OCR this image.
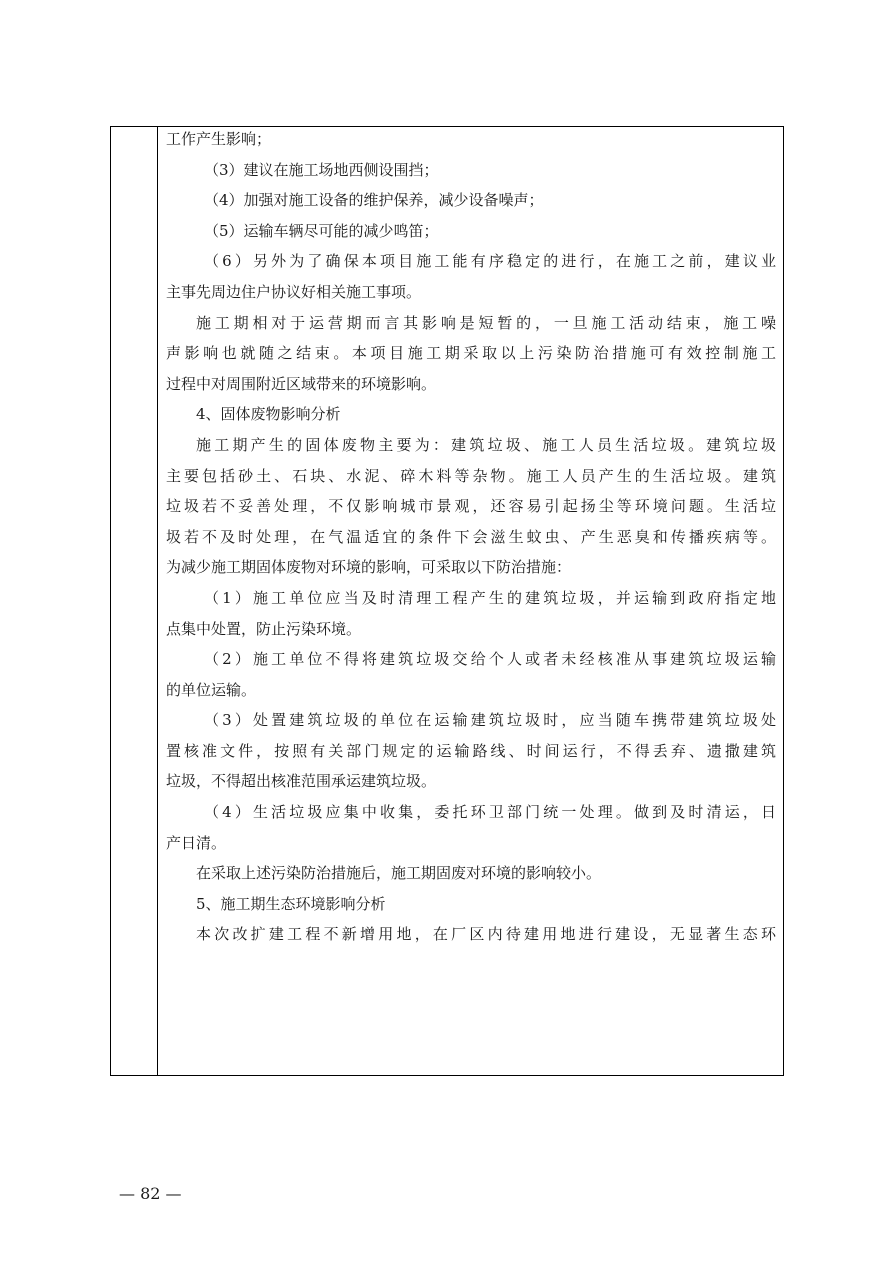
工作产生影响；
（3）建议在施工场地西侧设围挡；
（4）加强对施工设备的维护保养，减少设备噪声；
（5）运输车辆尽可能的减少鸣笛；
（6）另外为了确保本项目施工能有序稳定的进行，在施工之前，建议业
主事先周边住户协议好相关施工事项。
施工期相对于运营期而言其影响是短暂的，一旦施工活动结束，施工噪
声影响也就随之结束。本项目施工期采取以上污染防治措施可有效控制施工
过程中对周围附近区域带来的环境影响。
4、固体废物影响分析
施工期产生的固体废物主要为：建筑垃圾、施工人员生活垃圾。建筑垃圾
主要包括砂土、石块、水泥、碎木料等杂物。施工人员产生的生活垃圾。建筑
垃圾若不妥善处理，不仅影响城市景观，还容易引起扬尘等环境问题。生活垃
圾若不及时处理，在气温适宜的条件下会滋生蚊虫、产生恶臭和传播疾病等。
为减少施工期固体废物对环境的影响，可采取以下防治措施：
（1）施工单位应当及时清理工程产生的建筑垃圾，并运输到政府指定地
点集中处置，防止污染环境。
（2）施工单位不得将建筑垃圾交给个人或者未经核准从事建筑垃圾运输
的单位运输。
（3）处置建筑垃圾的单位在运输建筑垃圾时，应当随车携带建筑垃圾处
置核准文件，按照有关部门规定的运输路线、时间运行，不得丢弃、遗撒建筑
垃圾，不得超出核准范围承运建筑垃圾。
（4）生活垃圾应集中收集，委托环卫部门统一处理。做到及时清运，日
产日清。
在采取上述污染防治措施后，施工期固废对环境的影响较小。
5、施工期生态环境影响分析
本次改扩建工程不新增用地，在厂区内待建用地进行建设，无显著生态环
— 82 —
